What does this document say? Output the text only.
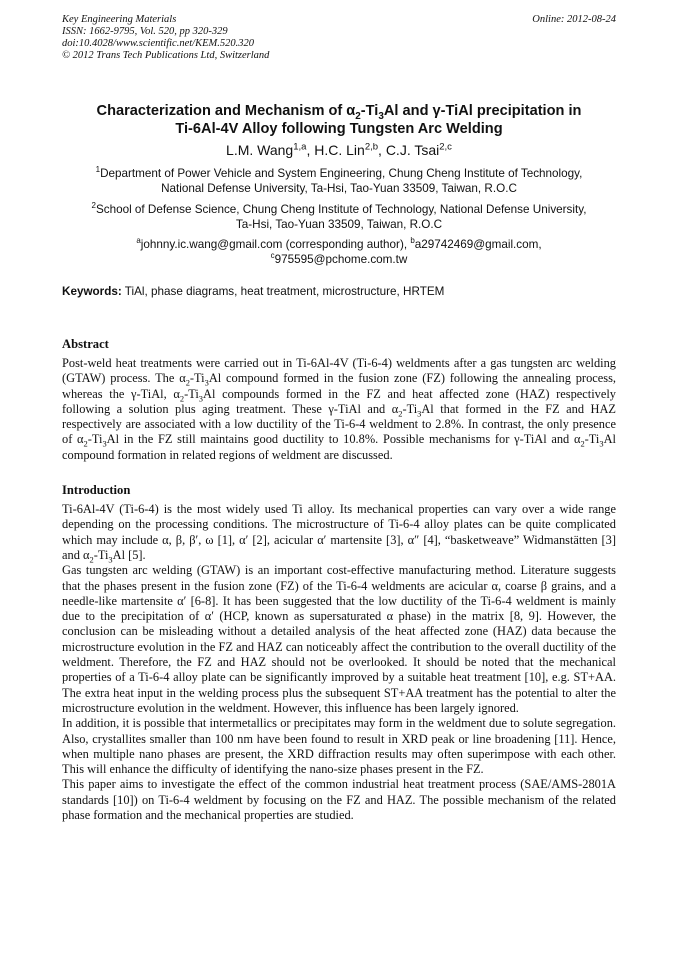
Key Engineering Materials
ISSN: 1662-9795, Vol. 520, pp 320-329
doi:10.4028/www.scientific.net/KEM.520.320
© 2012 Trans Tech Publications Ltd, Switzerland
Online: 2012-08-24
Characterization and Mechanism of $\alpha_2-Ti_3Al$ and γ-TiAl precipitation in
Ti-6Al-4V Alloy following Tungsten Arc Welding
L.M. Wang$^{1,a}$, H.C. Lin$^{2,b}$, C.J. Tsai$^{2,c}$
$^1$Department of Power Vehicle and System Engineering, Chung Cheng Institute of Technology,
National Defense University, Ta-Hsi, Tao-Yuan 33509, Taiwan, R.O.C
$^2$School of Defense Science, Chung Cheng Institute of Technology, National Defense University,
Ta-Hsi, Tao-Yuan 33509, Taiwan, R.O.C
$^a$johnny.ic.wang@gmail.com (corresponding author), $^b$a29742469@gmail.com,
$^c$975595@pchome.com.tw
Keywords: TiAl, phase diagrams, heat treatment, microstructure, HRTEM
Abstract

Post-weld heat treatments were carried out in Ti-6Al-4V (Ti-6-4) weldments after a gas tungsten arc welding (GTAW) process. The $\alpha_2-Ti_3Al$ compound formed in the fusion zone (FZ) following the annealing process, whereas the γ-TiAl, $\alpha_2-Ti_3Al$ compounds formed in the FZ and heat affected zone (HAZ) respectively following a solution plus aging treatment. These γ-TiAl and $\alpha_2-Ti_3Al$ that formed in the FZ and HAZ respectively are associated with a low ductility of the Ti-6-4 weldment to 2.8%. In contrast, the only presence of $\alpha_2-Ti_3Al$ in the FZ still maintains good ductility to 10.8%. Possible mechanisms for γ-TiAl and $\alpha_2-Ti_3Al$ compound formation in related regions of weldment are discussed.

Introduction

Ti-6Al-4V (Ti-6-4) is the most widely used Ti alloy. Its mechanical properties can vary over a wide range depending on the processing conditions. The microstructure of Ti-6-4 alloy plates can be quite complicated which may include α, β, β′, ω [1], α′ [2], acicular α′ martensite [3], α″ [4], “basketweave” Widmanstätten [3] and $\alpha_2-Ti_3Al$ [5].

Gas tungsten arc welding (GTAW) is an important cost-effective manufacturing method. Literature suggests that the phases present in the fusion zone (FZ) of the Ti-6-4 weldments are acicular α, coarse β grains, and a needle-like martensite α′ [6-8]. It has been suggested that the low ductility of the Ti-6-4 weldment is mainly due to the precipitation of α′ (HCP, known as supersaturated α phase) in the matrix [8, 9]. However, the conclusion can be misleading without a detailed analysis of the heat affected zone (HAZ) data because the microstructure evolution in the FZ and HAZ can noticeably affect the contribution to the overall ductility of the weldment. Therefore, the FZ and HAZ should not be overlooked. It should be noted that the mechanical properties of a Ti-6-4 alloy plate can be significantly improved by a suitable heat treatment [10], e.g. ST+AA. The extra heat input in the welding process plus the subsequent ST+AA treatment has the potential to alter the microstructure evolution in the weldment. However, this influence has been largely ignored.

In addition, it is possible that intermetallics or precipitates may form in the weldment due to solute segregation. Also, crystallites smaller than 100 nm have been found to result in XRD peak or line broadening [11]. Hence, when multiple nano phases are present, the XRD diffraction results may often superimpose with each other. This will enhance the difficulty of identifying the nano-size phases present in the FZ.

This paper aims to investigate the effect of the common industrial heat treatment process (SAE/AMS-2801A standards [10]) on Ti-6-4 weldment by focusing on the FZ and HAZ. The possible mechanism of the related phase formation and the mechanical properties are studied.
